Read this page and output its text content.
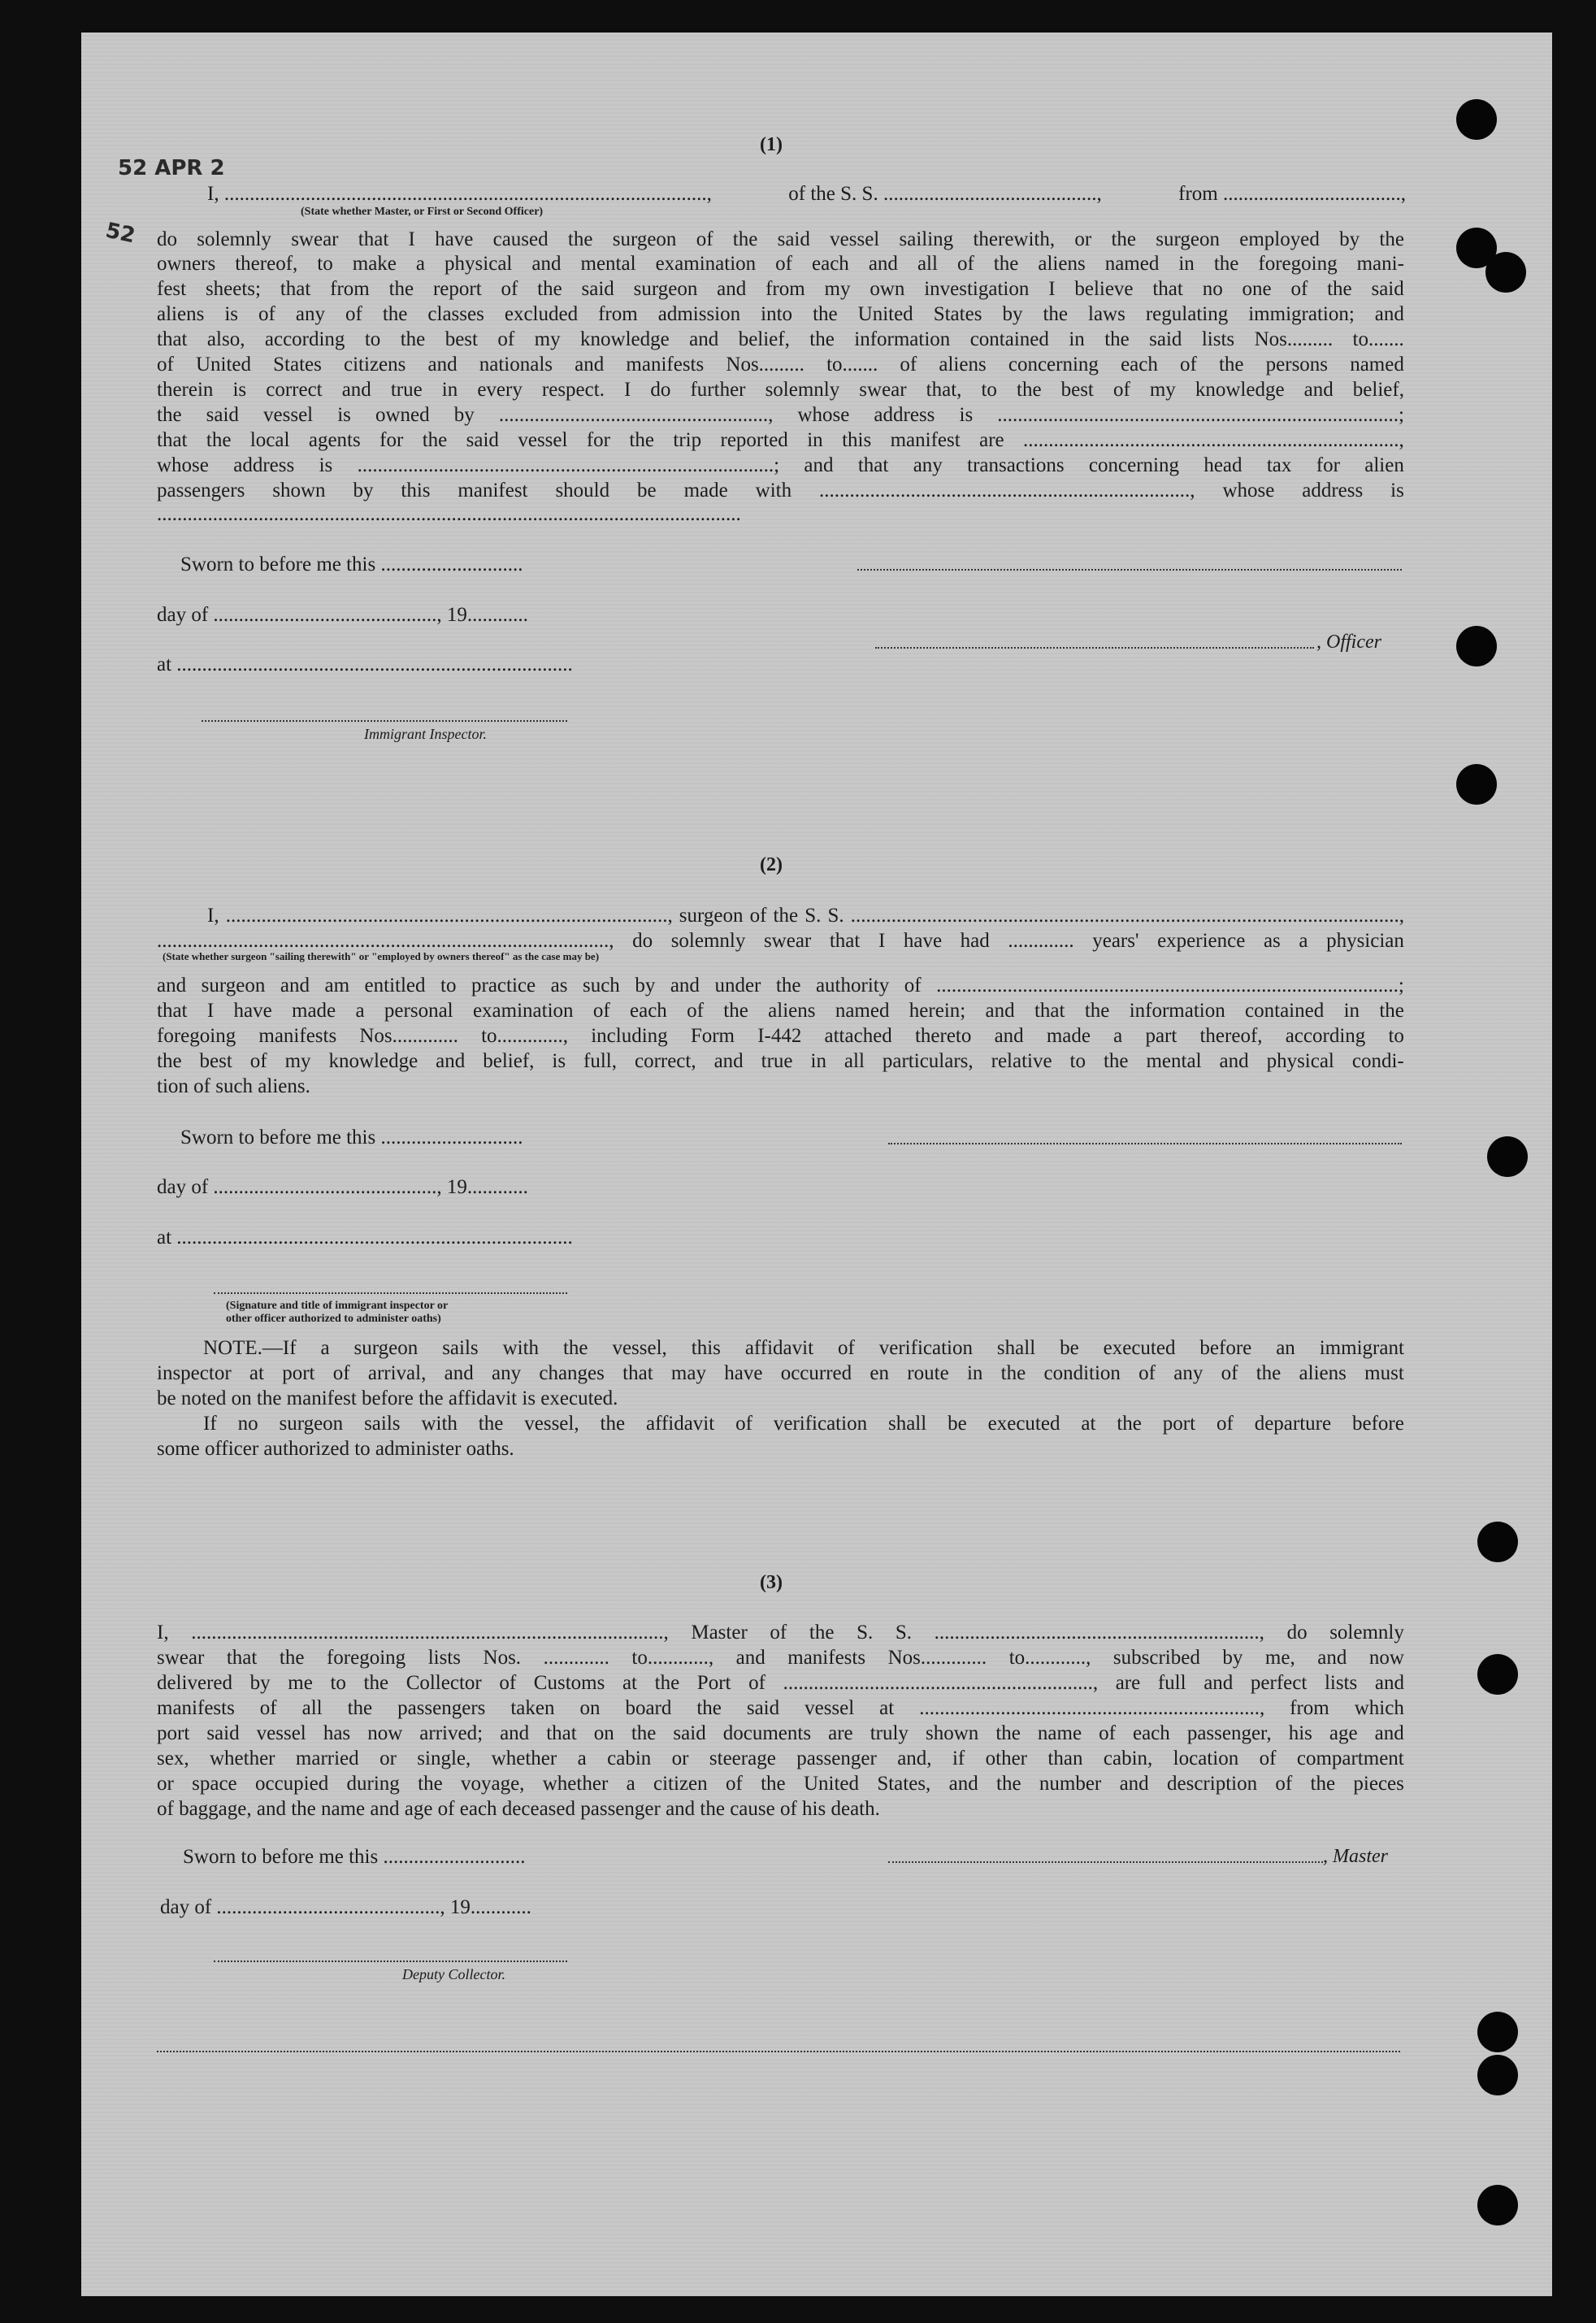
52 APR 2
52
(1)
I, ...............................................................................................,	of the S. S. ..........................................,	from ...................................,
(State whether Master, or First or Second Officer)
do solemnly swear that I have caused the surgeon of the said vessel sailing therewith, or the surgeon employed by the
owners thereof, to make a physical and mental examination of each and all of the aliens named in the foregoing mani-
fest sheets; that from the report of the said surgeon and from my own investigation I believe that no one of the said
aliens is of any of the classes excluded from admission into the United States by the laws regulating immigration; and
that also, according to the best of my knowledge and belief, the information contained in the said lists Nos......... to.......
of United States citizens and nationals and manifests Nos......... to....... of aliens concerning each of the persons named
therein is correct and true in every respect. I do further solemnly swear that, to the best of my knowledge and belief,
the said vessel is owned by ....................................................., whose address is ...............................................................................;
that the local agents for the said vessel for the trip reported in this manifest are ..........................................................................,
whose address is ..................................................................................; and that any transactions concerning head tax for alien
passengers shown by this manifest should be made with ........................................................................., whose address is
...................................................................................................................
Sworn to before me this ............................
day of ............................................, 19............
at ..............................................................................
, Officer
Immigrant Inspector.
(2)
I, ......................................................................................., surgeon of the S. S. ............................................................................................................,
........................................................................................., do solemnly swear that I have had ............. years' experience as a physician
(State whether surgeon "sailing therewith" or "employed by owners thereof" as the case may be)
and surgeon and am entitled to practice as such by and under the authority of ...........................................................................................;
that I have made a personal examination of each of the aliens named herein; and that the information contained in the
foregoing manifests Nos............. to............., including Form I-442 attached thereto and made a part thereof, according to
the best of my knowledge and belief, is full, correct, and true in all particulars, relative to the mental and physical condi-
tion of such aliens.
Sworn to before me this ............................
day of ............................................, 19............
at ..............................................................................
(Signature and title of immigrant inspector or
other officer authorized to administer oaths)
NOTE.—If a surgeon sails with the vessel, this affidavit of verification shall be executed before an immigrant
inspector at port of arrival, and any changes that may have occurred en route in the condition of any of the aliens must
be noted on the manifest before the affidavit is executed.
If no surgeon sails with the vessel, the affidavit of verification shall be executed at the port of departure before
some officer authorized to administer oaths.
(3)
I, ............................................................................................., Master of the S. S. ................................................................, do solemnly
swear that the foregoing lists Nos. ............. to............, and manifests Nos............. to............, subscribed by me, and now
delivered by me to the Collector of Customs at the Port of ............................................................., are full and perfect lists and
manifests of all the passengers taken on board the said vessel at ..................................................................., from which
port said vessel has now arrived; and that on the said documents are truly shown the name of each passenger, his age and
sex, whether married or single, whether a cabin or steerage passenger and, if other than cabin, location of compartment
or space occupied during the voyage, whether a citizen of the United States, and the number and description of the pieces
of baggage, and the name and age of each deceased passenger and the cause of his death.
Sworn to before me this ............................	, Master
day of ............................................, 19............
Deputy Collector.
